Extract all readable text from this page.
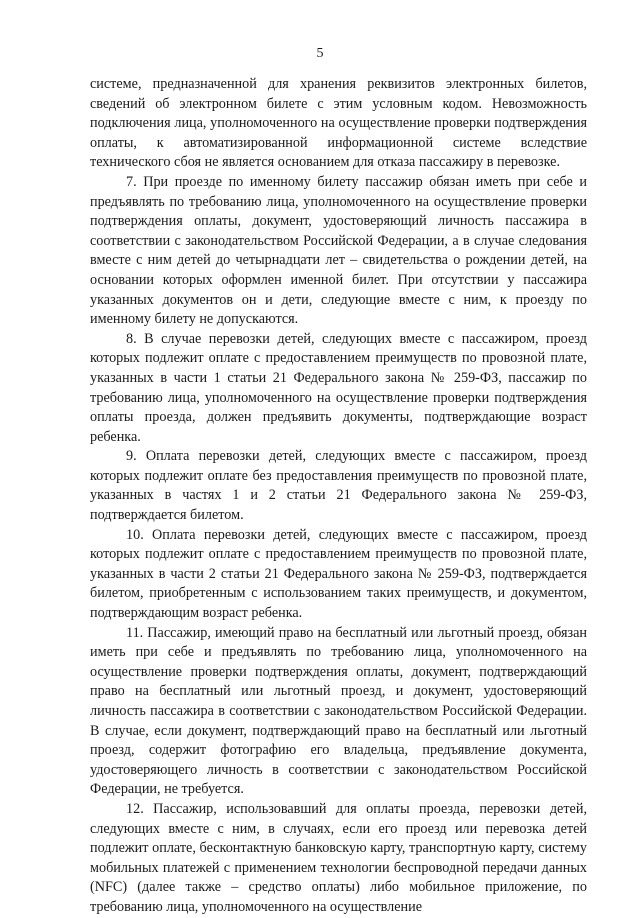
5

системе, предназначенной для хранения реквизитов электронных билетов, сведений об электронном билете с этим условным кодом. Невозможность подключения лица, уполномоченного на осуществление проверки подтверждения оплаты, к автоматизированной информационной системе вследствие технического сбоя не является основанием для отказа пассажиру в перевозке.

7. При проезде по именному билету пассажир обязан иметь при себе и предъявлять по требованию лица, уполномоченного на осуществление проверки подтверждения оплаты, документ, удостоверяющий личность пассажира в соответствии с законодательством Российской Федерации, а в случае следования вместе с ним детей до четырнадцати лет – свидетельства о рождении детей, на основании которых оформлен именной билет. При отсутствии у пассажира указанных документов он и дети, следующие вместе с ним, к проезду по именному билету не допускаются.

8. В случае перевозки детей, следующих вместе с пассажиром, проезд которых подлежит оплате с предоставлением преимуществ по провозной плате, указанных в части 1 статьи 21 Федерального закона № 259-ФЗ, пассажир по требованию лица, уполномоченного на осуществление проверки подтверждения оплаты проезда, должен предъявить документы, подтверждающие возраст ребенка.

9. Оплата перевозки детей, следующих вместе с пассажиром, проезд которых подлежит оплате без предоставления преимуществ по провозной плате, указанных в частях 1 и 2 статьи 21 Федерального закона № 259-ФЗ, подтверждается билетом.

10. Оплата перевозки детей, следующих вместе с пассажиром, проезд которых подлежит оплате с предоставлением преимуществ по провозной плате, указанных в части 2 статьи 21 Федерального закона № 259-ФЗ, подтверждается билетом, приобретенным с использованием таких преимуществ, и документом, подтверждающим возраст ребенка.

11. Пассажир, имеющий право на бесплатный или льготный проезд, обязан иметь при себе и предъявлять по требованию лица, уполномоченного на осуществление проверки подтверждения оплаты, документ, подтверждающий право на бесплатный или льготный проезд, и документ, удостоверяющий личность пассажира в соответствии с законодательством Российской Федерации. В случае, если документ, подтверждающий право на бесплатный или льготный проезд, содержит фотографию его владельца, предъявление документа, удостоверяющего личность в соответствии с законодательством Российской Федерации, не требуется.

12. Пассажир, использовавший для оплаты проезда, перевозки детей, следующих вместе с ним, в случаях, если его проезд или перевозка детей подлежит оплате, бесконтактную банковскую карту, транспортную карту, систему мобильных платежей с применением технологии беспроводной передачи данных (NFC) (далее также – средство оплаты) либо мобильное приложение, по требованию лица, уполномоченного на осуществление
